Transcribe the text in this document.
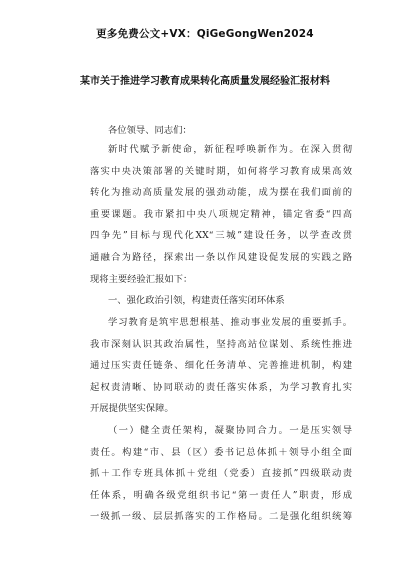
更多免费公文+VX：QiGeGongWen2024
某市关于推进学习教育成果转化高质量发展经验汇报材料
各位领导、同志们：
新时代赋予新使命，新征程呼唤新作为。在深入贯彻
落实中央决策部署的关键时期，如何将学习教育成果高效
转化为推动高质量发展的强劲动能，成为摆在我们面前的
重要课题。我市紧扣中央八项规定精神，锚定省委“四高
四争先”目标与现代化XX“三城”建设任务，以学查改贯
通融合为路径，探索出一条以作风建设促发展的实践之路
现将主要经验汇报如下：
一、强化政治引领，构建责任落实闭环体系
学习教育是筑牢思想根基、推动事业发展的重要抓手。
我市深刻认识其政治属性，坚持高站位谋划、系统性推进
通过压实责任链条、细化任务清单、完善推进机制，构建
起权责清晰、协同联动的责任落实体系，为学习教育扎实
开展提供坚实保障。
（一）健全责任架构，凝聚协同合力。一是压实领导
责任。构建“市、县（区）委书记总体抓＋领导小组全面
抓＋工作专班具体抓＋党组（党委）直接抓”四级联动责
任体系，明确各级党组织书记“第一责任人”职责，形成
一级抓一级、层层抓落实的工作格局。二是强化组织统筹
